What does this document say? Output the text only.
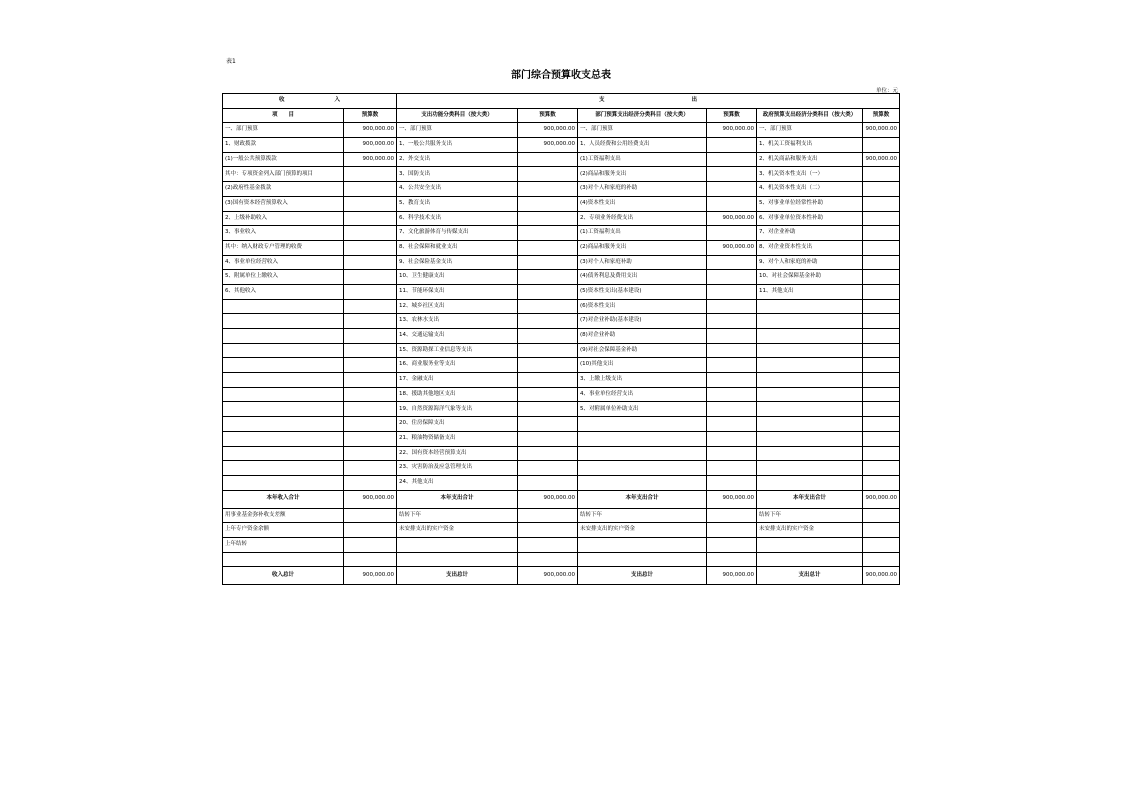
表1
部门综合预算收支总表
单位：元
收 入		支 出					

项　　目	预算数	支出功能分类科目（按大类）	预算数	部门预算支出经济分类科目（按大类）	预算数	政府预算支出经济分类科目（按大类）	预算数
一、部门预算	900,000.00	一、部门预算	900,000.00	一、部门预算	900,000.00	一、部门预算	900,000.00
1、财政拨款	900,000.00	1、一般公共服务支出	900,000.00	1、人员经费和公用经费支出		1、机关工资福利支出	
(1)一般公共预算拨款	900,000.00	2、外交支出		(1)工资福利支出		2、机关商品和服务支出	900,000.00
其中：专项资金列入部门预算的项目		3、国防支出		(2)商品和服务支出		3、机关资本性支出（一）	
(2)政府性基金拨款		4、公共安全支出		(3)对个人和家庭的补助		4、机关资本性支出（二）	
(3)国有资本经营预算收入		5、教育支出		(4)资本性支出		5、对事业单位经常性补助	
2、上级补助收入		6、科学技术支出		2、专项业务经费支出	900,000.00	6、对事业单位资本性补助	
3、事业收入		7、文化旅游体育与传媒支出		(1)工资福利支出		7、对企业补助	
其中：纳入财政专户管理的收费		8、社会保障和就业支出		(2)商品和服务支出	900,000.00	8、对企业资本性支出	
4、事业单位经营收入		9、社会保险基金支出		(3)对个人和家庭补助		9、对个人和家庭的补助	
5、附属单位上缴收入		10、卫生健康支出		(4)债务利息及费用支出		10、对社会保障基金补助	
6、其他收入		11、节能环保支出		(5)资本性支出(基本建设)		11、其他支出	
		12、城乡社区支出		(6)资本性支出			
		13、农林水支出		(7)对企业补助(基本建设)			
		14、交通运输支出		(8)对企业补助			
		15、资源勘探工业信息等支出		(9)对社会保障基金补助			
		16、商业服务业等支出		(10)其他支出			
		17、金融支出		3、上缴上级支出			
		18、援助其他地区支出		4、事业单位经营支出			
		19、自然资源海洋气象等支出		5、对附属单位补助支出			
		20、住房保障支出					
		21、粮油物资储备支出					
		22、国有资本经营预算支出					
		23、灾害防治及应急管理支出					
		24、其他支出					
本年收入合计	900,000.00	本年支出合计	900,000.00	本年支出合计	900,000.00	本年支出合计	900,000.00
用事业基金弥补收支差额		结转下年		结转下年		结转下年	
上年专户资金余额		未安排支出的实户资金		未安排支出的实户资金		未安排支出的实户资金	
上年结转							

收入总计	900,000.00	支出总计	900,000.00	支出总计	900,000.00	支出总计	900,000.00
